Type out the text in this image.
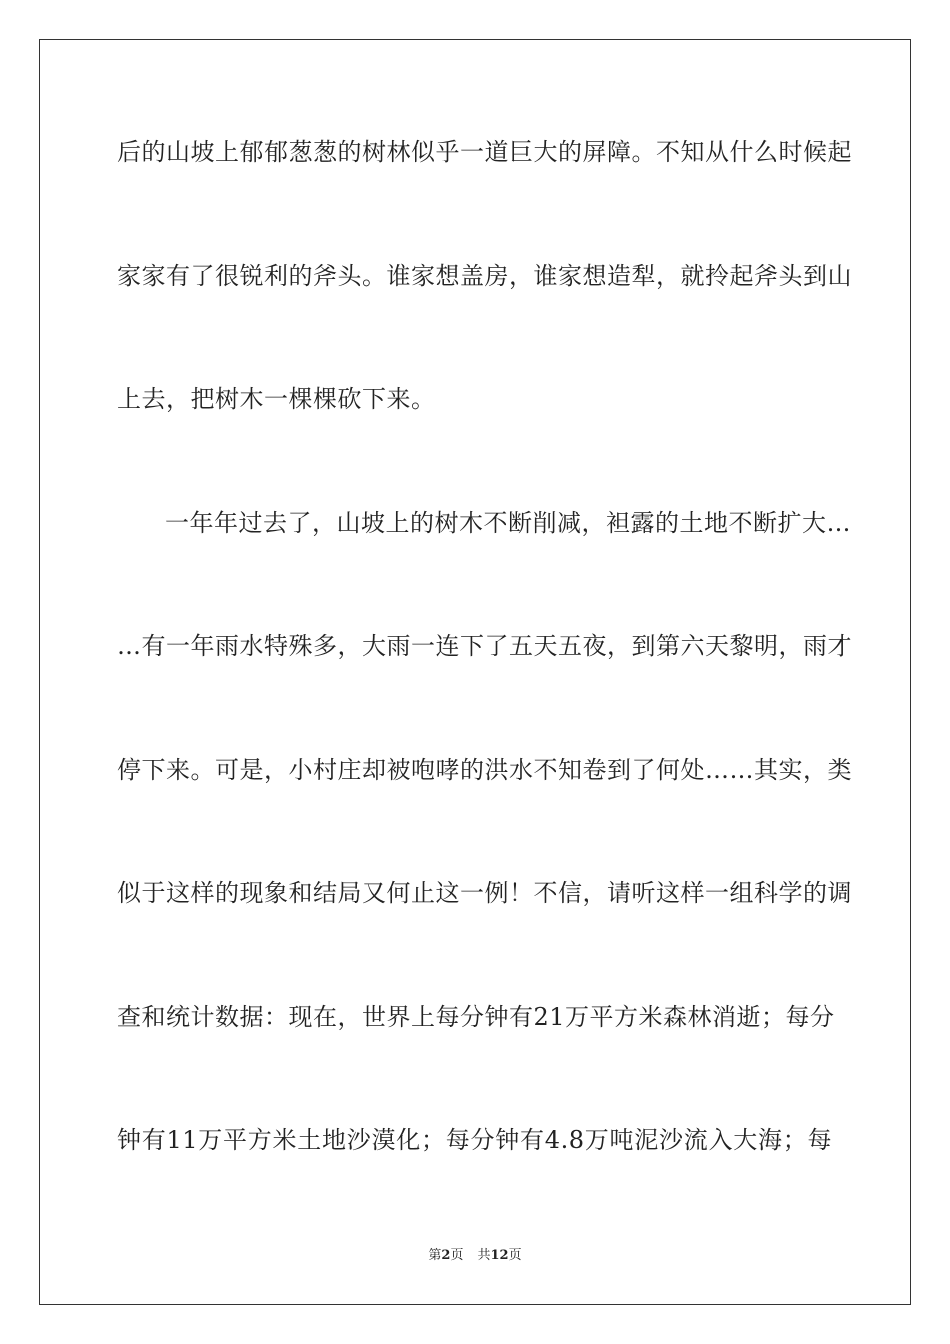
后的山坡上郁郁葱葱的树林似乎一道巨大的屏障。不知从什么时候起
家家有了很锐利的斧头。谁家想盖房，谁家想造犁，就拎起斧头到山
上去，把树木一棵棵砍下来。
一年年过去了，山坡上的树木不断削减，袒露的土地不断扩大…
…有一年雨水特殊多，大雨一连下了五天五夜，到第六天黎明，雨才
停下来。可是，小村庄却被咆哮的洪水不知卷到了何处……其实，类
似于这样的现象和结局又何止这一例！不信，请听这样一组科学的调
查和统计数据：现在，世界上每分钟有21万平方米森林消逝；每分
钟有11万平方米土地沙漠化；每分钟有4.8万吨泥沙流入大海；每
第2页 共12页
